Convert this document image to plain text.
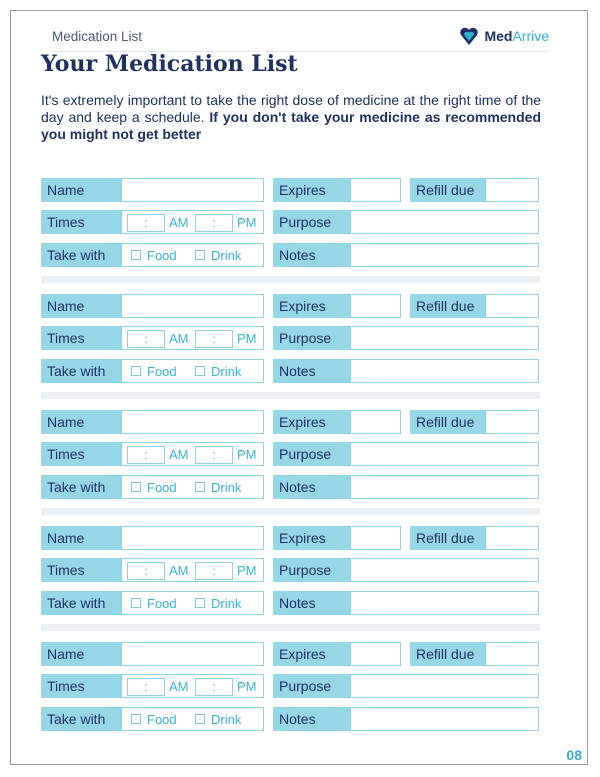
Medication List	MedArrive
Your Medication List
It's extremely important to take the right dose of medicine at the right time of the day and keep a schedule. If you don't take your medicine as recommended you might not get better
Name	Expires	Refill due
Times	:	AM	:	PM	Purpose
Take with	Food	Drink	Notes
Name	Expires	Refill due
Times	:	AM	:	PM	Purpose
Take with	Food	Drink	Notes
Name	Expires	Refill due
Times	:	AM	:	PM	Purpose
Take with	Food	Drink	Notes
Name	Expires	Refill due
Times	:	AM	:	PM	Purpose
Take with	Food	Drink	Notes
Name	Expires	Refill due
Times	:	AM	:	PM	Purpose
Take with	Food	Drink	Notes
08
